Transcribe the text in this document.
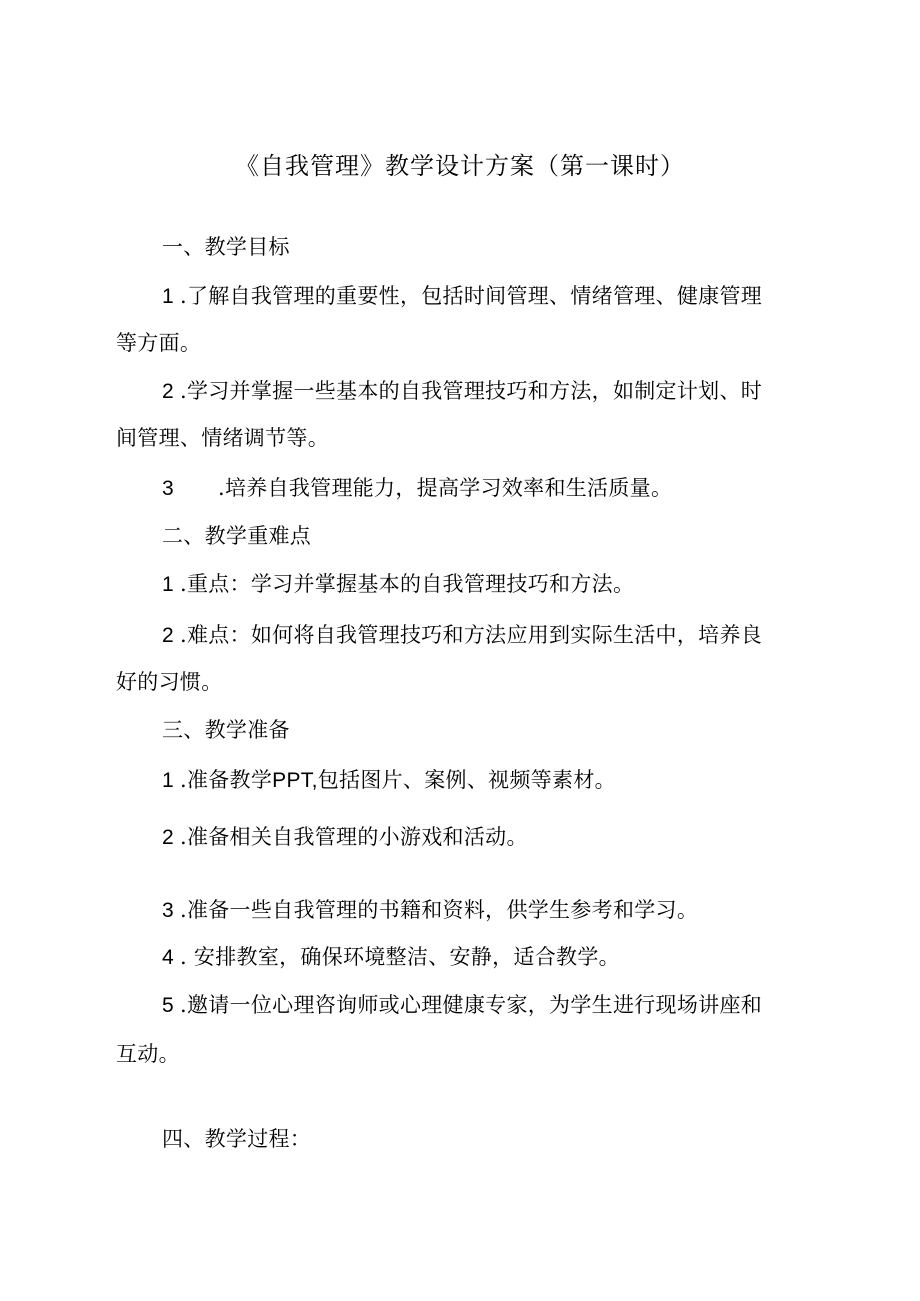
《自我管理》教学设计方案（第一课时）
一、教学目标
1 .了解自我管理的重要性，包括时间管理、情绪管理、健康管理
等方面。
2 .学习并掌握一些基本的自我管理技巧和方法，如制定计划、时
间管理、情绪调节等。
3 .培养自我管理能力，提高学习效率和生活质量。
二、教学重难点
1 .重点：学习并掌握基本的自我管理技巧和方法。
2 .难点：如何将自我管理技巧和方法应用到实际生活中，培养良
好的习惯。
三、教学准备
1 .准备教学PPT,包括图片、案例、视频等素材。
2 .准备相关自我管理的小游戏和活动。
3 .准备一些自我管理的书籍和资料，供学生参考和学习。
4 . 安排教室，确保环境整洁、安静，适合教学。
5 .邀请一位心理咨询师或心理健康专家，为学生进行现场讲座和
互动。
四、教学过程：
